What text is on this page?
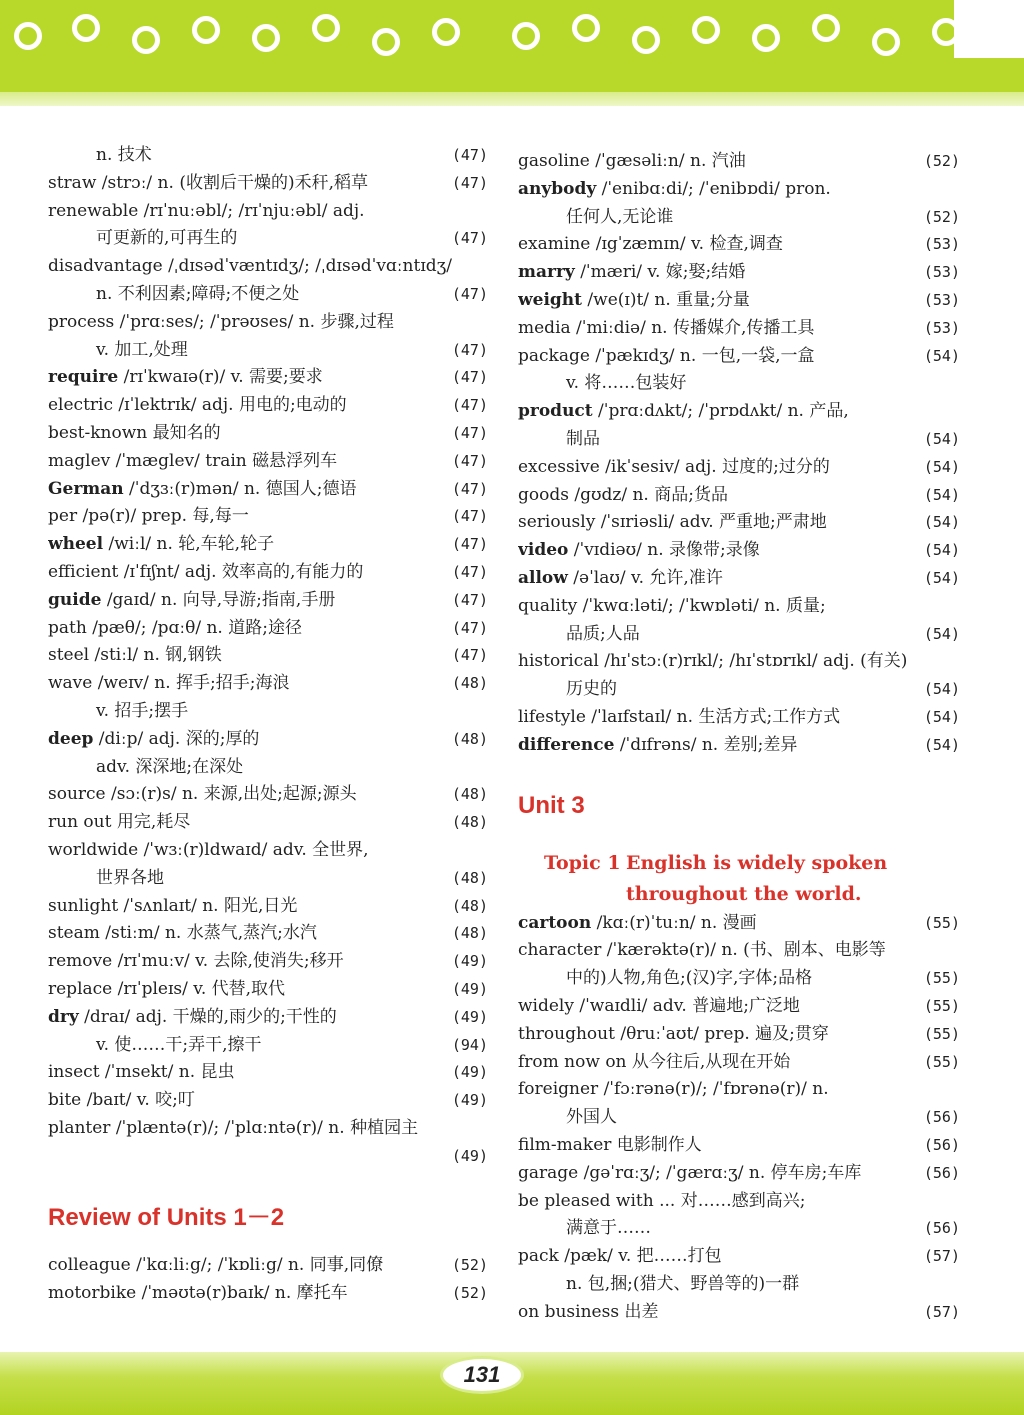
n. 技术	(47)
straw /strɔː/ n. (收割后干燥的)禾秆,稻草	(47)
renewable /rɪˈnuːəbl/; /rɪˈnjuːəbl/ adj.
可更新的,可再生的	(47)
disadvantage /ˌdɪsədˈvæntɪdʒ/; /ˌdɪsədˈvɑːntɪdʒ/
n. 不利因素;障碍;不便之处	(47)
process /ˈprɑːses/; /ˈprəʊses/ n. 步骤,过程
v. 加工,处理	(47)
require /rɪˈkwaɪə(r)/ v. 需要;要求	(47)
electric /ɪˈlektrɪk/ adj. 用电的;电动的	(47)
best-known 最知名的	(47)
maglev /ˈmæglev/ train 磁悬浮列车	(47)
German /ˈdʒɜː(r)mən/ n. 德国人;德语	(47)
per /pə(r)/ prep. 每,每一	(47)
wheel /wiːl/ n. 轮,车轮,轮子	(47)
efficient /ɪˈfɪʃnt/ adj. 效率高的,有能力的	(47)
guide /gaɪd/ n. 向导,导游;指南,手册	(47)
path /pæθ/; /pɑːθ/ n. 道路;途径	(47)
steel /stiːl/ n. 钢,钢铁	(47)
wave /weɪv/ n. 挥手;招手;海浪	(48)
v. 招手;摆手
deep /diːp/ adj. 深的;厚的	(48)
adv. 深深地;在深处
source /sɔː(r)s/ n. 来源,出处;起源;源头	(48)
run out 用完,耗尽	(48)
worldwide /ˈwɜː(r)ldwaɪd/ adv. 全世界,
世界各地	(48)
sunlight /ˈsʌnlaɪt/ n. 阳光,日光	(48)
steam /stiːm/ n. 水蒸气,蒸汽;水汽	(48)
remove /rɪˈmuːv/ v. 去除,使消失;移开	(49)
replace /rɪˈpleɪs/ v. 代替,取代	(49)
dry /draɪ/ adj. 干燥的,雨少的;干性的	(49)
v. 使……干;弄干,擦干	(94)
insect /ˈɪnsekt/ n. 昆虫	(49)
bite /baɪt/ v. 咬;叮	(49)
planter /ˈplæntə(r)/; /ˈplɑːntə(r)/ n. 种植园主
(49)
Review of Units 1－2
colleague /ˈkɑːliːg/; /ˈkɒliːg/ n. 同事,同僚	(52)
motorbike /ˈməʊtə(r)baɪk/ n. 摩托车	(52)
gasoline /ˈgæsəliːn/ n. 汽油	(52)
anybody /ˈenibɑːdi/; /ˈenibɒdi/ pron.
任何人,无论谁	(52)
examine /ɪgˈzæmɪn/ v. 检查,调查	(53)
marry /ˈmæri/ v. 嫁;娶;结婚	(53)
weight /we(ɪ)t/ n. 重量;分量	(53)
media /ˈmiːdiə/ n. 传播媒介,传播工具	(53)
package /ˈpækɪdʒ/ n. 一包,一袋,一盒	(54)
v. 将……包装好
product /ˈprɑːdʌkt/; /ˈprɒdʌkt/ n. 产品,
制品	(54)
excessive /ikˈsesiv/ adj. 过度的;过分的	(54)
goods /gʊdz/ n. 商品;货品	(54)
seriously /ˈsɪriəsli/ adv. 严重地;严肃地	(54)
video /ˈvɪdiəʊ/ n. 录像带;录像	(54)
allow /əˈlaʊ/ v. 允许,准许	(54)
quality /ˈkwɑːləti/; /ˈkwɒləti/ n. 质量;
品质;人品	(54)
historical /hɪˈstɔː(r)rɪkl/; /hɪˈstɒrɪkl/ adj. (有关)
历史的	(54)
lifestyle /ˈlaɪfstaɪl/ n. 生活方式;工作方式	(54)
difference /ˈdɪfrəns/ n. 差别;差异	(54)
Unit 3
Topic 1 English is widely spoken
throughout the world.
cartoon /kɑː(r)ˈtuːn/ n. 漫画	(55)
character /ˈkærəktə(r)/ n. (书、剧本、电影等
中的)人物,角色;(汉)字,字体;品格	(55)
widely /ˈwaɪdli/ adv. 普遍地;广泛地	(55)
throughout /θruːˈaʊt/ prep. 遍及;贯穿	(55)
from now on 从今往后,从现在开始	(55)
foreigner /ˈfɔːrənə(r)/; /ˈfɒrənə(r)/ n.
外国人	(56)
film-maker 电影制作人	(56)
garage /gəˈrɑːʒ/; /ˈgærɑːʒ/ n. 停车房;车库	(56)
be pleased with ... 对……感到高兴;
满意于……	(56)
pack /pæk/ v. 把……打包	(57)
n. 包,捆;(猎犬、野兽等的)一群
on business 出差	(57)
131
